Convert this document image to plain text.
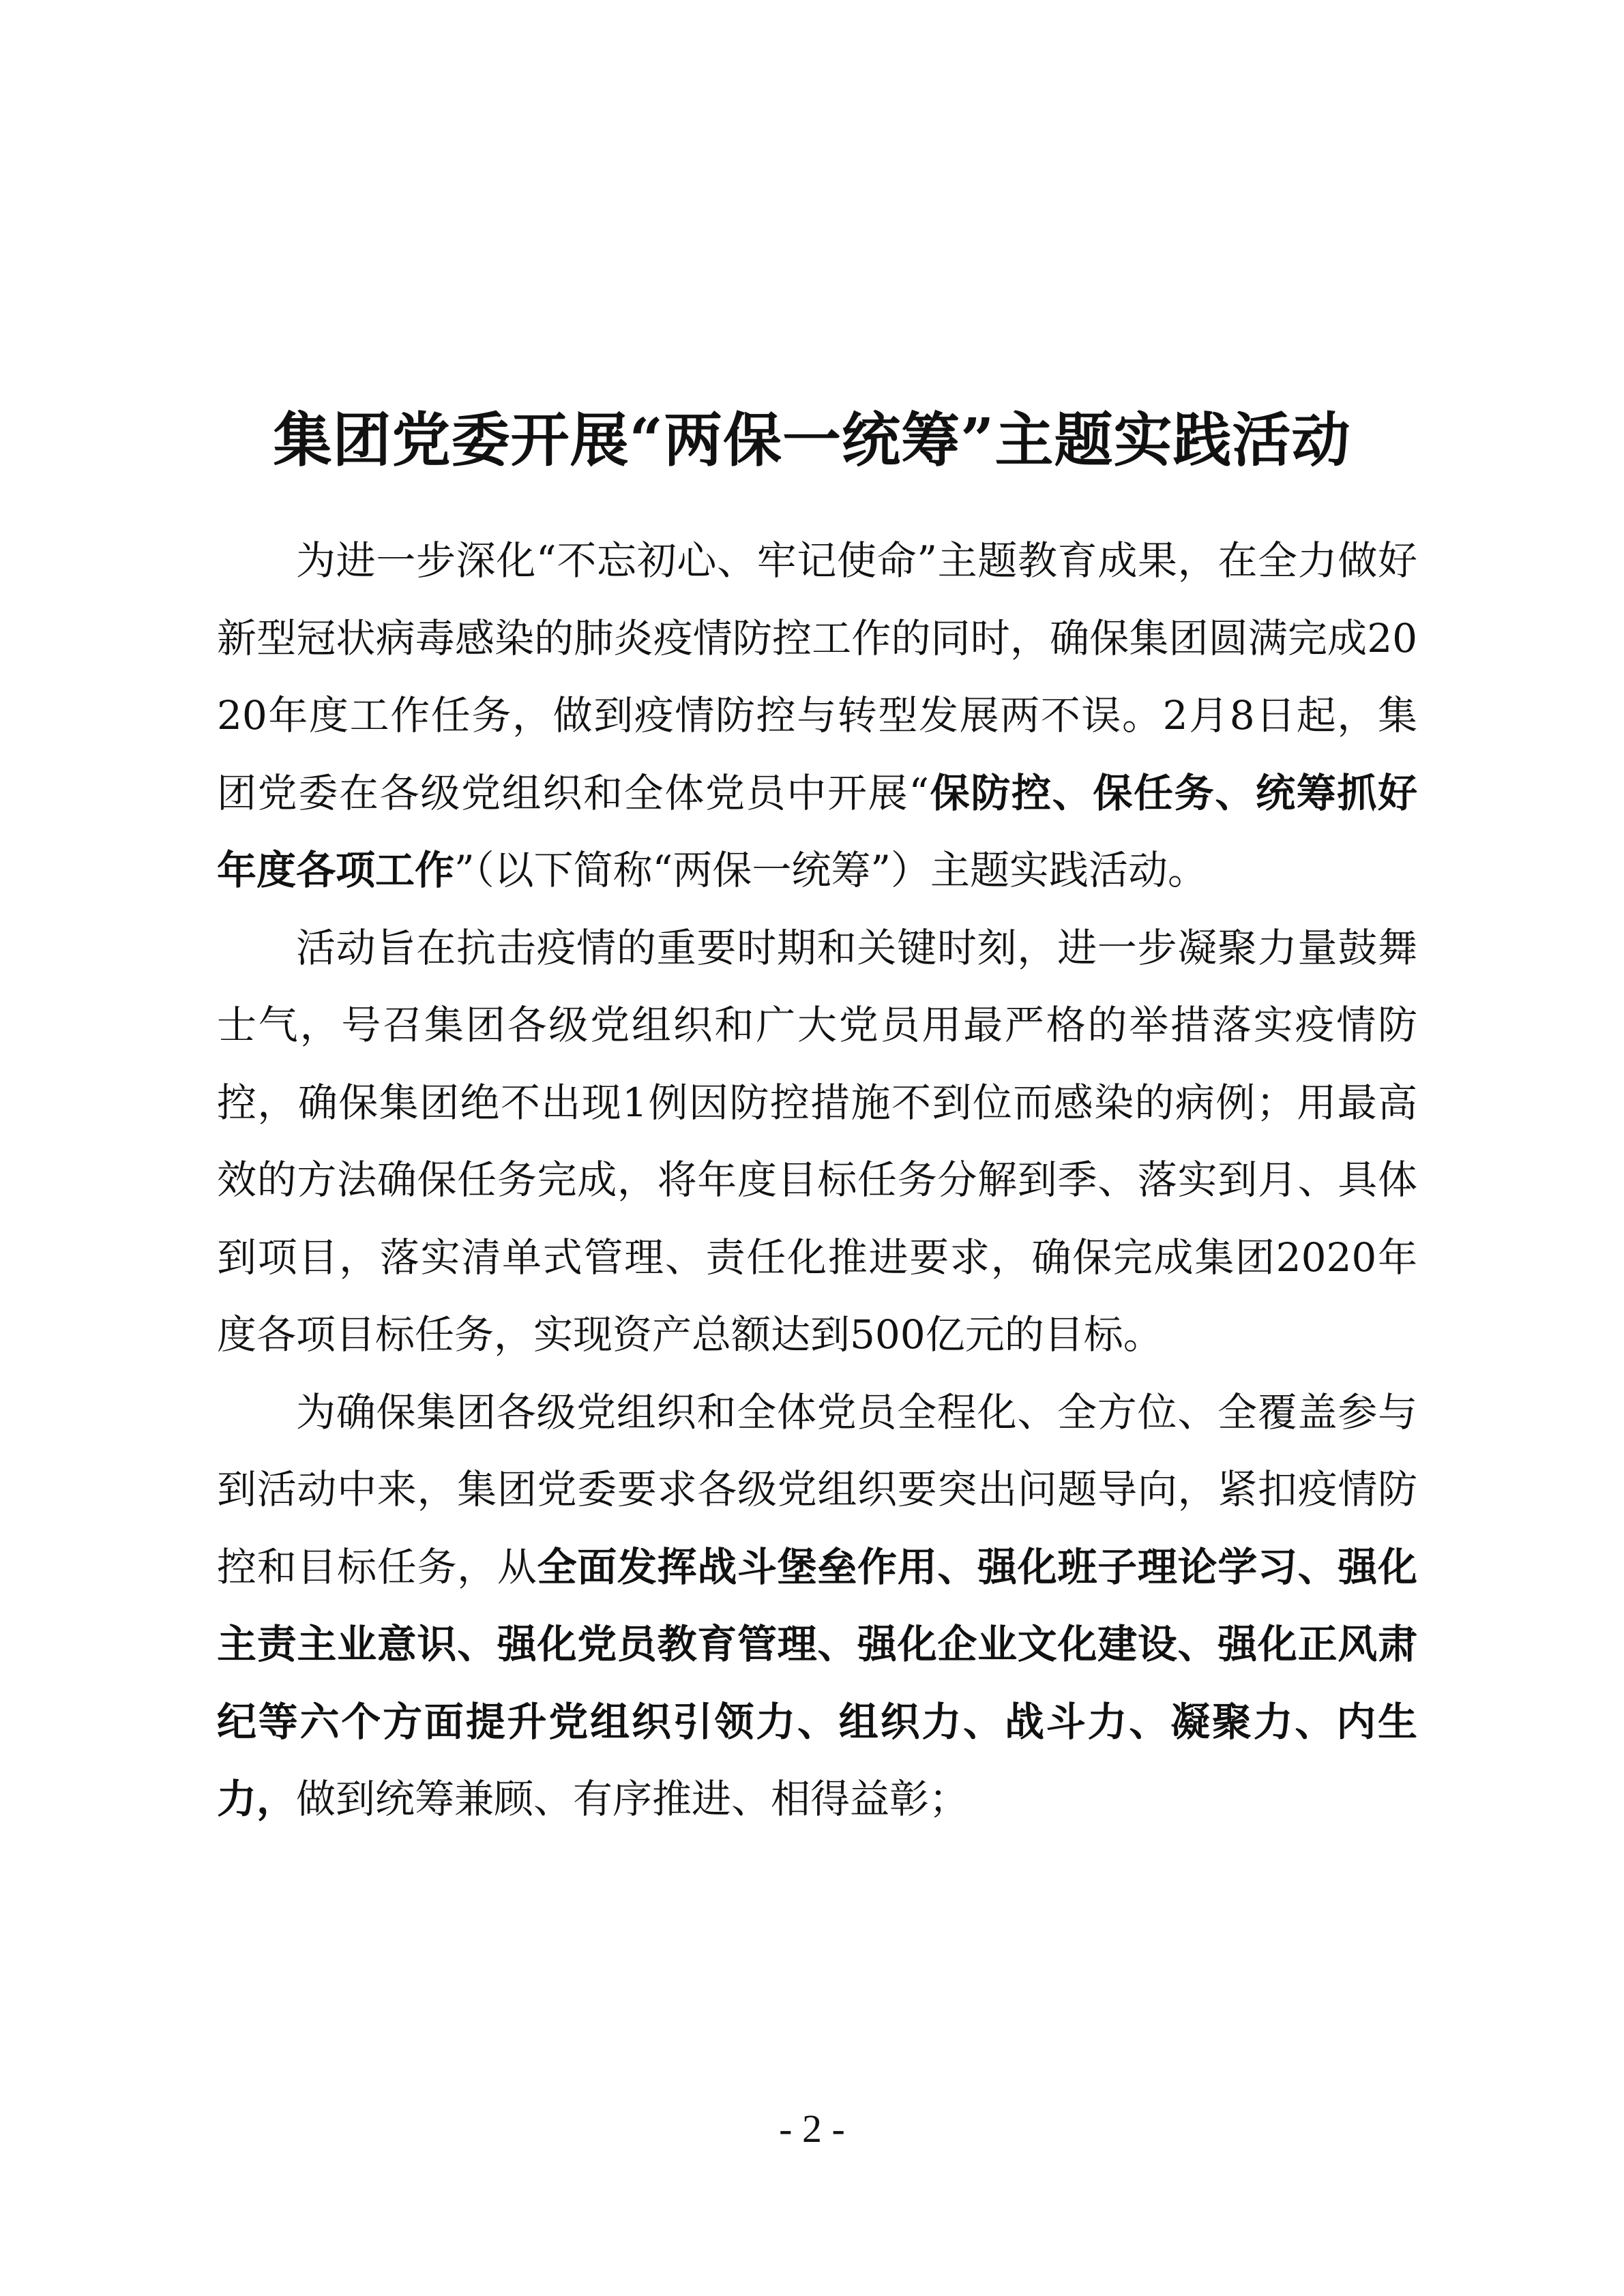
集团党委开展“两保一统筹”主题实践活动

为进一步深化“不忘初心、牢记使命”主题教育成果，在全力做好新型冠状病毒感染的肺炎疫情防控工作的同时，确保集团圆满完成2020年度工作任务，做到疫情防控与转型发展两不误。2月8日起，集团党委在各级党组织和全体党员中开展“保防控、保任务、统筹抓好年度各项工作”（以下简称“两保一统筹”）主题实践活动。

活动旨在抗击疫情的重要时期和关键时刻，进一步凝聚力量鼓舞士气，号召集团各级党组织和广大党员用最严格的举措落实疫情防控，确保集团绝不出现1例因防控措施不到位而感染的病例；用最高效的方法确保任务完成，将年度目标任务分解到季、落实到月、具体到项目，落实清单式管理、责任化推进要求，确保完成集团2020年度各项目标任务，实现资产总额达到500亿元的目标。

为确保集团各级党组织和全体党员全程化、全方位、全覆盖参与到活动中来，集团党委要求各级党组织要突出问题导向，紧扣疫情防控和目标任务，从全面发挥战斗堡垒作用、强化班子理论学习、强化主责主业意识、强化党员教育管理、强化企业文化建设、强化正风肃纪等六个方面提升党组织引领力、组织力、战斗力、凝聚力、内生力，做到统筹兼顾、有序推进、相得益彰；

- 2 -
